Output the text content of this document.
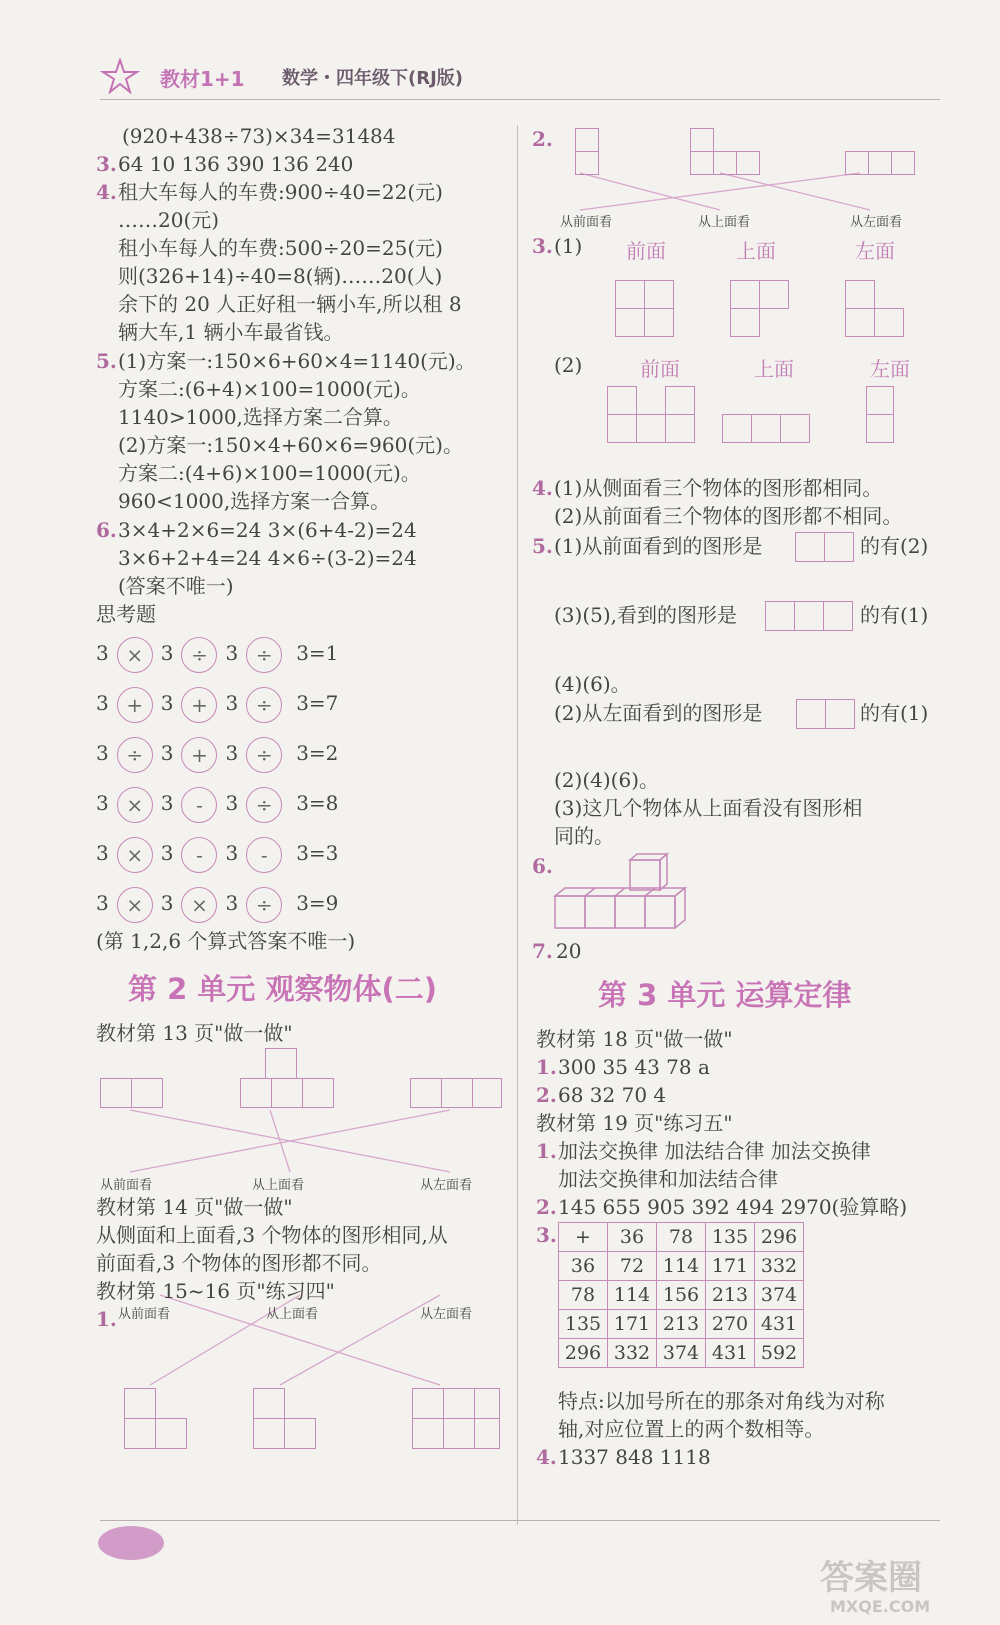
教材1+1 数学・四年级下(RJ版)
(920+438÷73)×34=31484
3. 64 10 136 390 136 240
4. 租大车每人的车费:900÷40=22(元)
……20(元)
租小车每人的车费:500÷20=25(元)
则(326+14)÷40=8(辆)……20(人)
余下的 20 人正好租一辆小车,所以租 8
辆大车,1 辆小车最省钱。
5. (1)方案一:150×6+60×4=1140(元)。
方案二:(6+4)×100=1000(元)。
1140>1000,选择方案二合算。
(2)方案一:150×4+60×6=960(元)。
方案二:(4+6)×100=1000(元)。
960<1000,选择方案一合算。
6. 3×4+2×6=24 3×(6+4-2)=24
3×6+2+4=24 4×6÷(3-2)=24
(答案不唯一)
思考题
3 × 3 ÷ 3 ÷ 3=1
3 + 3 + 3 ÷ 3=7
3 ÷ 3 + 3 ÷ 3=2
3 × 3 - 3 ÷ 3=8
3 × 3 - 3 - 3=3
3 × 3 × 3 ÷ 3=9
(第 1,2,6 个算式答案不唯一)
第 2 单元 观察物体(二)
教材第 13 页"做一做"
从前面看	从上面看	从左面看
教材第 14 页"做一做"
从侧面和上面看,3 个物体的图形相同,从
前面看,3 个物体的图形都不同。
教材第 15~16 页"练习四"
1. 从前面看	从上面看	从左面看
2.
从前面看	从上面看	从左面看
3. (1) 前面	上面	左面
(2)	前面	上面	左面
4. (1)从侧面看三个物体的图形都相同。
(2)从前面看三个物体的图形都不相同。
5. (1)从前面看到的图形是	的有(2)
(3)(5),看到的图形是	的有(1)
(4)(6)。
(2)从左面看到的图形是	的有(1)
(2)(4)(6)。
(3)这几个物体从上面看没有图形相
同的。
6.
7. 20
第 3 单元 运算定律
教材第 18 页"做一做"
1. 300 35 43 78 a
2. 68 32 70 4
教材第 19 页"练习五"
1. 加法交换律 加法结合律 加法交换律
加法交换律和加法结合律
2. 145 655 905 392 494 2970(验算略)
3. +	36	78	135	296
36	72	114	171	332
78	114	156	213	374
135	171	213	270	431
296	332	374	431	592
特点:以加号所在的那条对角线为对称
轴,对应位置上的两个数相等。
4. 1337 848 1118
答案圈
MXQE.COM
